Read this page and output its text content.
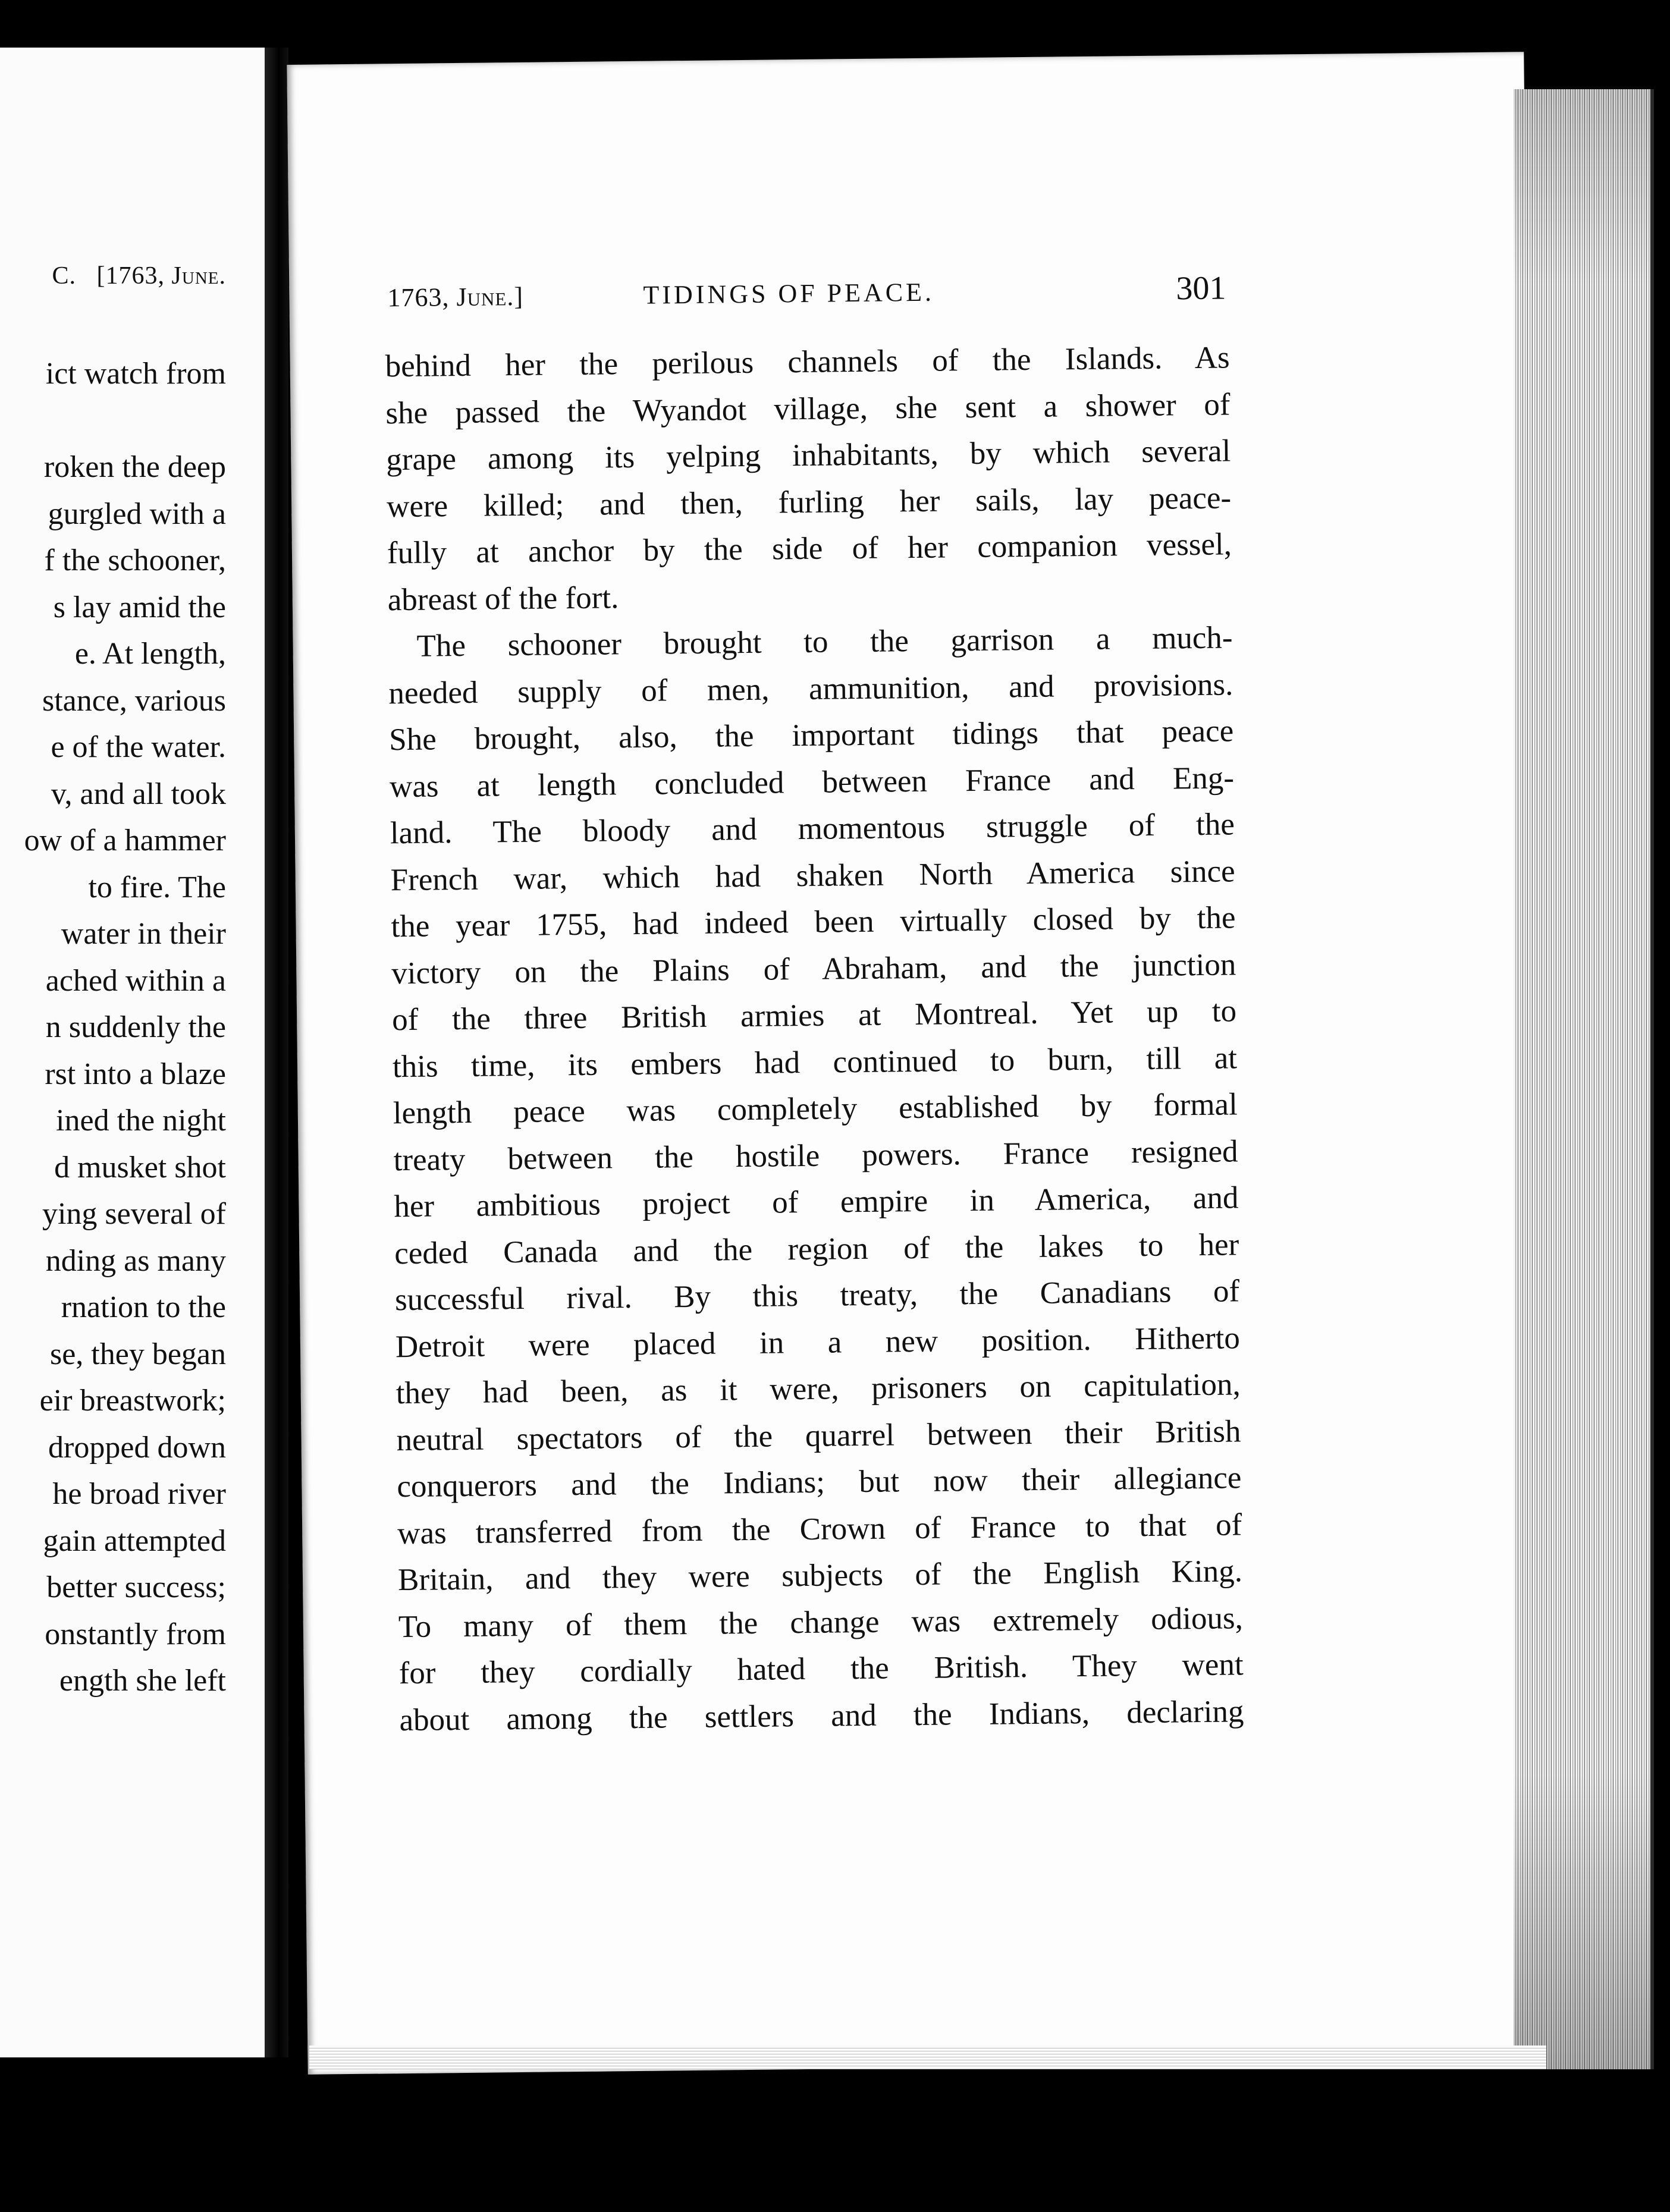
C. [1763, June.
ict watch from
roken the deep
gurgled with a
f the schooner,
s lay amid the
e. At length,
stance, various
e of the water.
v, and all took
ow of a hammer
to fire. The
water in their
ached within a
n suddenly the
rst into a blaze
ined the night
d musket shot
ying several of
nding as many
rnation to the
se, they began
eir breastwork;
dropped down
he broad river
gain attempted
better success;
onstantly from
ength she left
1763, June.]	TIDINGS OF PEACE.	301
behind her the perilous channels of the Islands. As
she passed the Wyandot village, she sent a shower of
grape among its yelping inhabitants, by which several
were killed; and then, furling her sails, lay peace-
fully at anchor by the side of her companion vessel,
abreast of the fort.
The schooner brought to the garrison a much-
needed supply of men, ammunition, and provisions.
She brought, also, the important tidings that peace
was at length concluded between France and Eng-
land. The bloody and momentous struggle of the
French war, which had shaken North America since
the year 1755, had indeed been virtually closed by the
victory on the Plains of Abraham, and the junction
of the three British armies at Montreal. Yet up to
this time, its embers had continued to burn, till at
length peace was completely established by formal
treaty between the hostile powers. France resigned
her ambitious project of empire in America, and
ceded Canada and the region of the lakes to her
successful rival. By this treaty, the Canadians of
Detroit were placed in a new position. Hitherto
they had been, as it were, prisoners on capitulation,
neutral spectators of the quarrel between their British
conquerors and the Indians; but now their allegiance
was transferred from the Crown of France to that of
Britain, and they were subjects of the English King.
To many of them the change was extremely odious,
for they cordially hated the British. They went
about among the settlers and the Indians, declaring
